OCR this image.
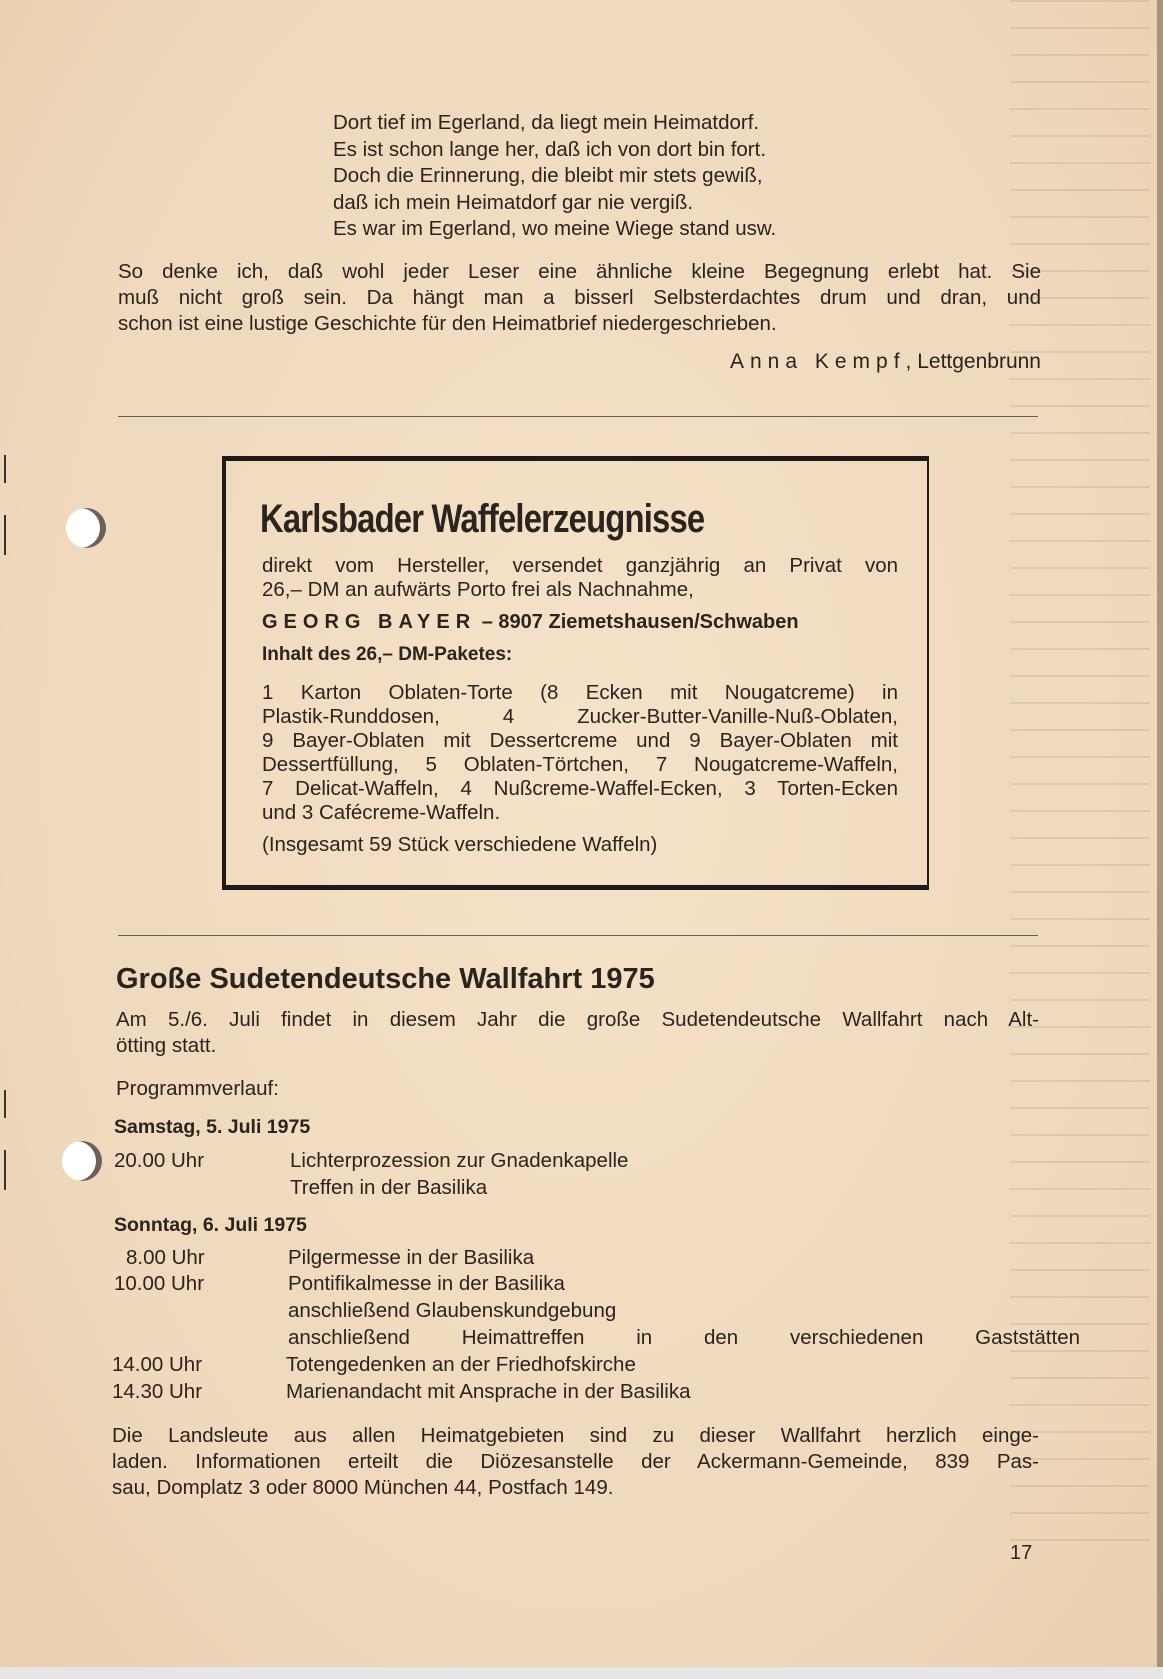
Dort tief im Egerland, da liegt mein Heimatdorf.
Es ist schon lange her, daß ich von dort bin fort.
Doch die Erinnerung, die bleibt mir stets gewiß,
daß ich mein Heimatdorf gar nie vergiß.
Es war im Egerland, wo meine Wiege stand usw.
So denke ich, daß wohl jeder Leser eine ähnliche kleine Begegnung erlebt hat. Sie
muß nicht groß sein. Da hängt man a bisserl Selbsterdachtes drum und dran, und
schon ist eine lustige Geschichte für den Heimatbrief niedergeschrieben.
Anna Kempf, Lettgenbrunn
Karlsbader Waffelerzeugnisse
direkt vom Hersteller, versendet ganzjährig an Privat von
26,– DM an aufwärts Porto frei als Nachnahme,
GEORG BAYER – 8907 Ziemetshausen/Schwaben
Inhalt des 26,– DM-Paketes:
1 Karton Oblaten-Torte (8 Ecken mit Nougatcreme) in
Plastik-Runddosen, 4 Zucker-Butter-Vanille-Nuß-Oblaten,
9 Bayer-Oblaten mit Dessertcreme und 9 Bayer-Oblaten mit
Dessertfüllung, 5 Oblaten-Törtchen, 7 Nougatcreme-Waffeln,
7 Delicat-Waffeln, 4 Nußcreme-Waffel-Ecken, 3 Torten-Ecken
und 3 Cafécreme-Waffeln.
(Insgesamt 59 Stück verschiedene Waffeln)
Große Sudetendeutsche Wallfahrt 1975
Am 5./6. Juli findet in diesem Jahr die große Sudetendeutsche Wallfahrt nach Alt-
ötting statt.
Programmverlauf:
Samstag, 5. Juli 1975
20.00 Uhr	Lichterprozession zur Gnadenkapelle
Treffen in der Basilika
Sonntag, 6. Juli 1975
8.00 Uhr	Pilgermesse in der Basilika
10.00 Uhr	Pontifikalmesse in der Basilika
anschließend Glaubenskundgebung
anschließend Heimattreffen in den verschiedenen Gaststätten
14.00 Uhr	Totengedenken an der Friedhofskirche
14.30 Uhr	Marienandacht mit Ansprache in der Basilika
Die Landsleute aus allen Heimatgebieten sind zu dieser Wallfahrt herzlich einge-
laden. Informationen erteilt die Diözesanstelle der Ackermann-Gemeinde, 839 Pas-
sau, Domplatz 3 oder 8000 München 44, Postfach 149.
17
